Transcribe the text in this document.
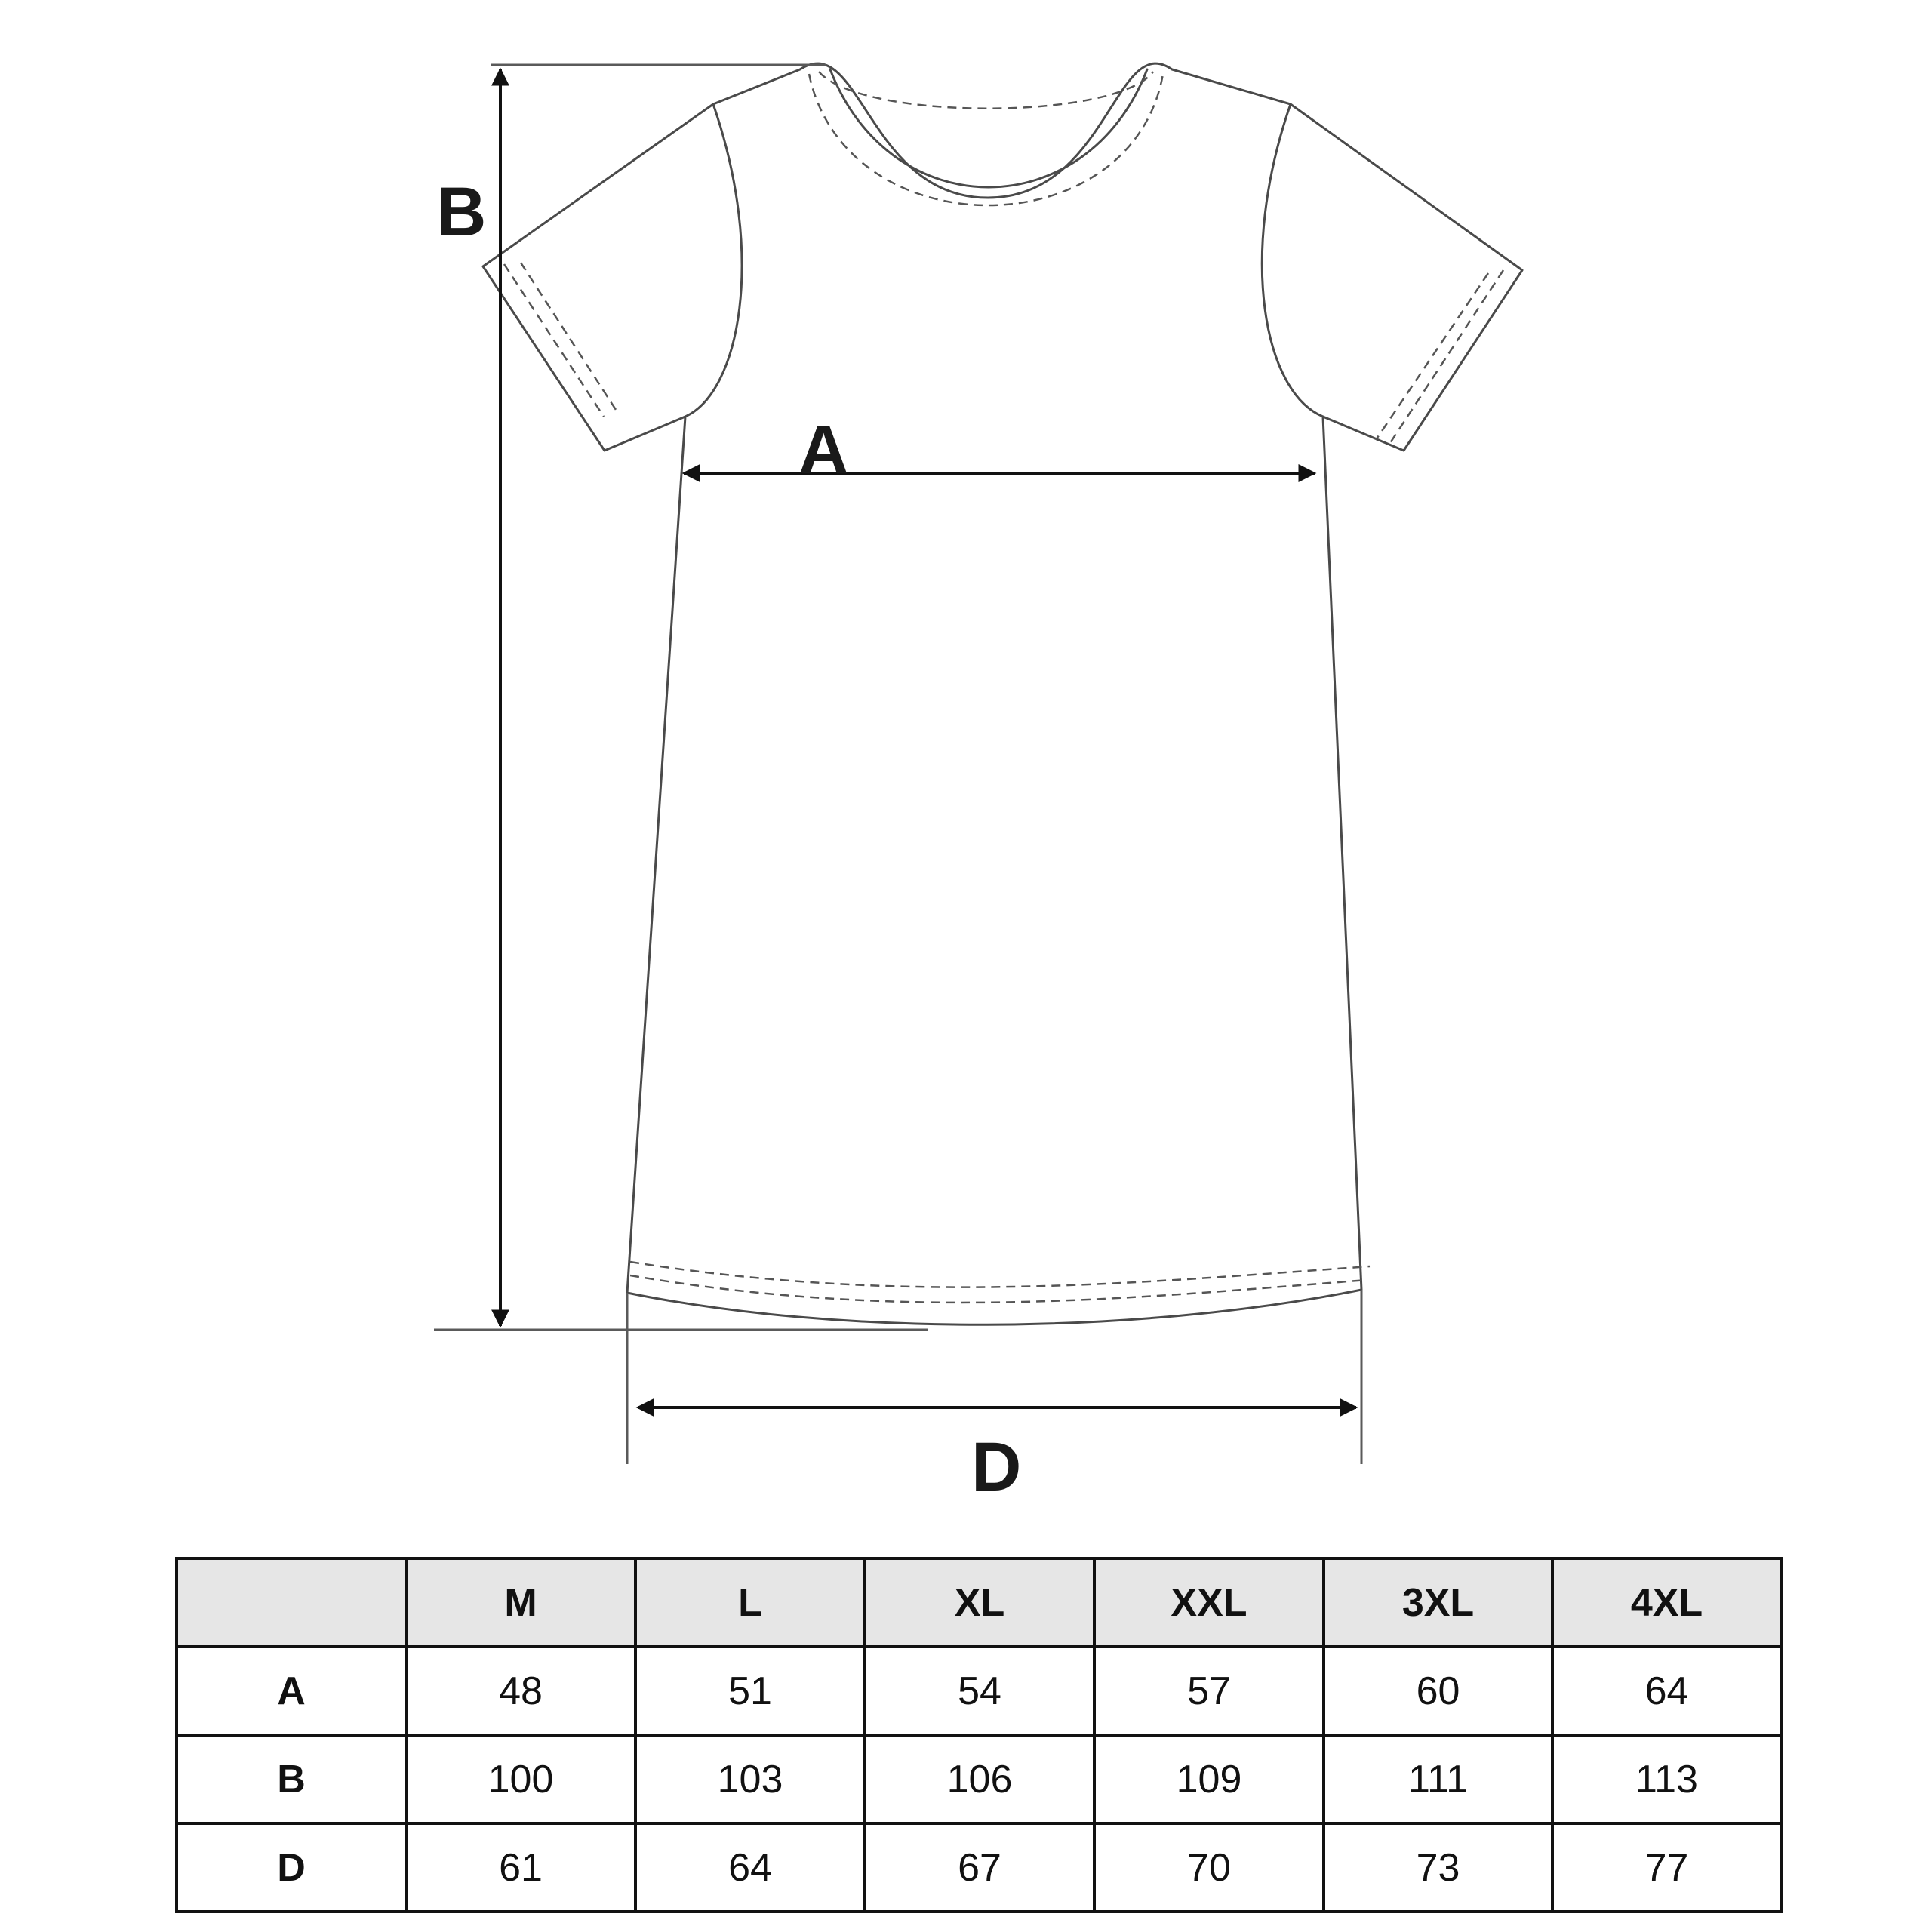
B
A
D
	M	L	XL	XXL	3XL	4XL
A	48	51	54	57	60	64
B	100	103	106	109	111	113
D	61	64	67	70	73	77
